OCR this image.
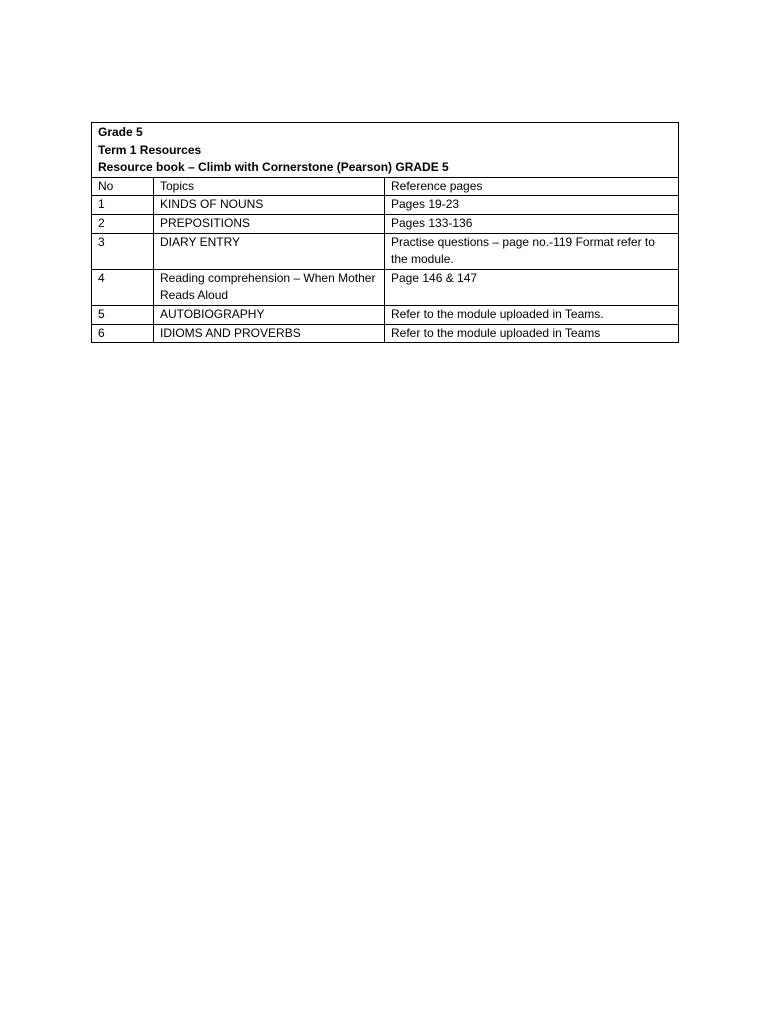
Grade 5
Term 1 Resources
Resource book – Climb with Cornerstone (Pearson) GRADE 5		

No	Topics	Reference pages
1	KINDS OF NOUNS	Pages 19-23
2	PREPOSITIONS	Pages 133-136
3	DIARY ENTRY	Practise questions – page no.-119 Format refer to the module.
4	Reading comprehension – When Mother Reads Aloud	Page 146 & 147
5	AUTOBIOGRAPHY	Refer to the module uploaded in Teams.
6	IDIOMS AND PROVERBS	Refer to the module uploaded in Teams
